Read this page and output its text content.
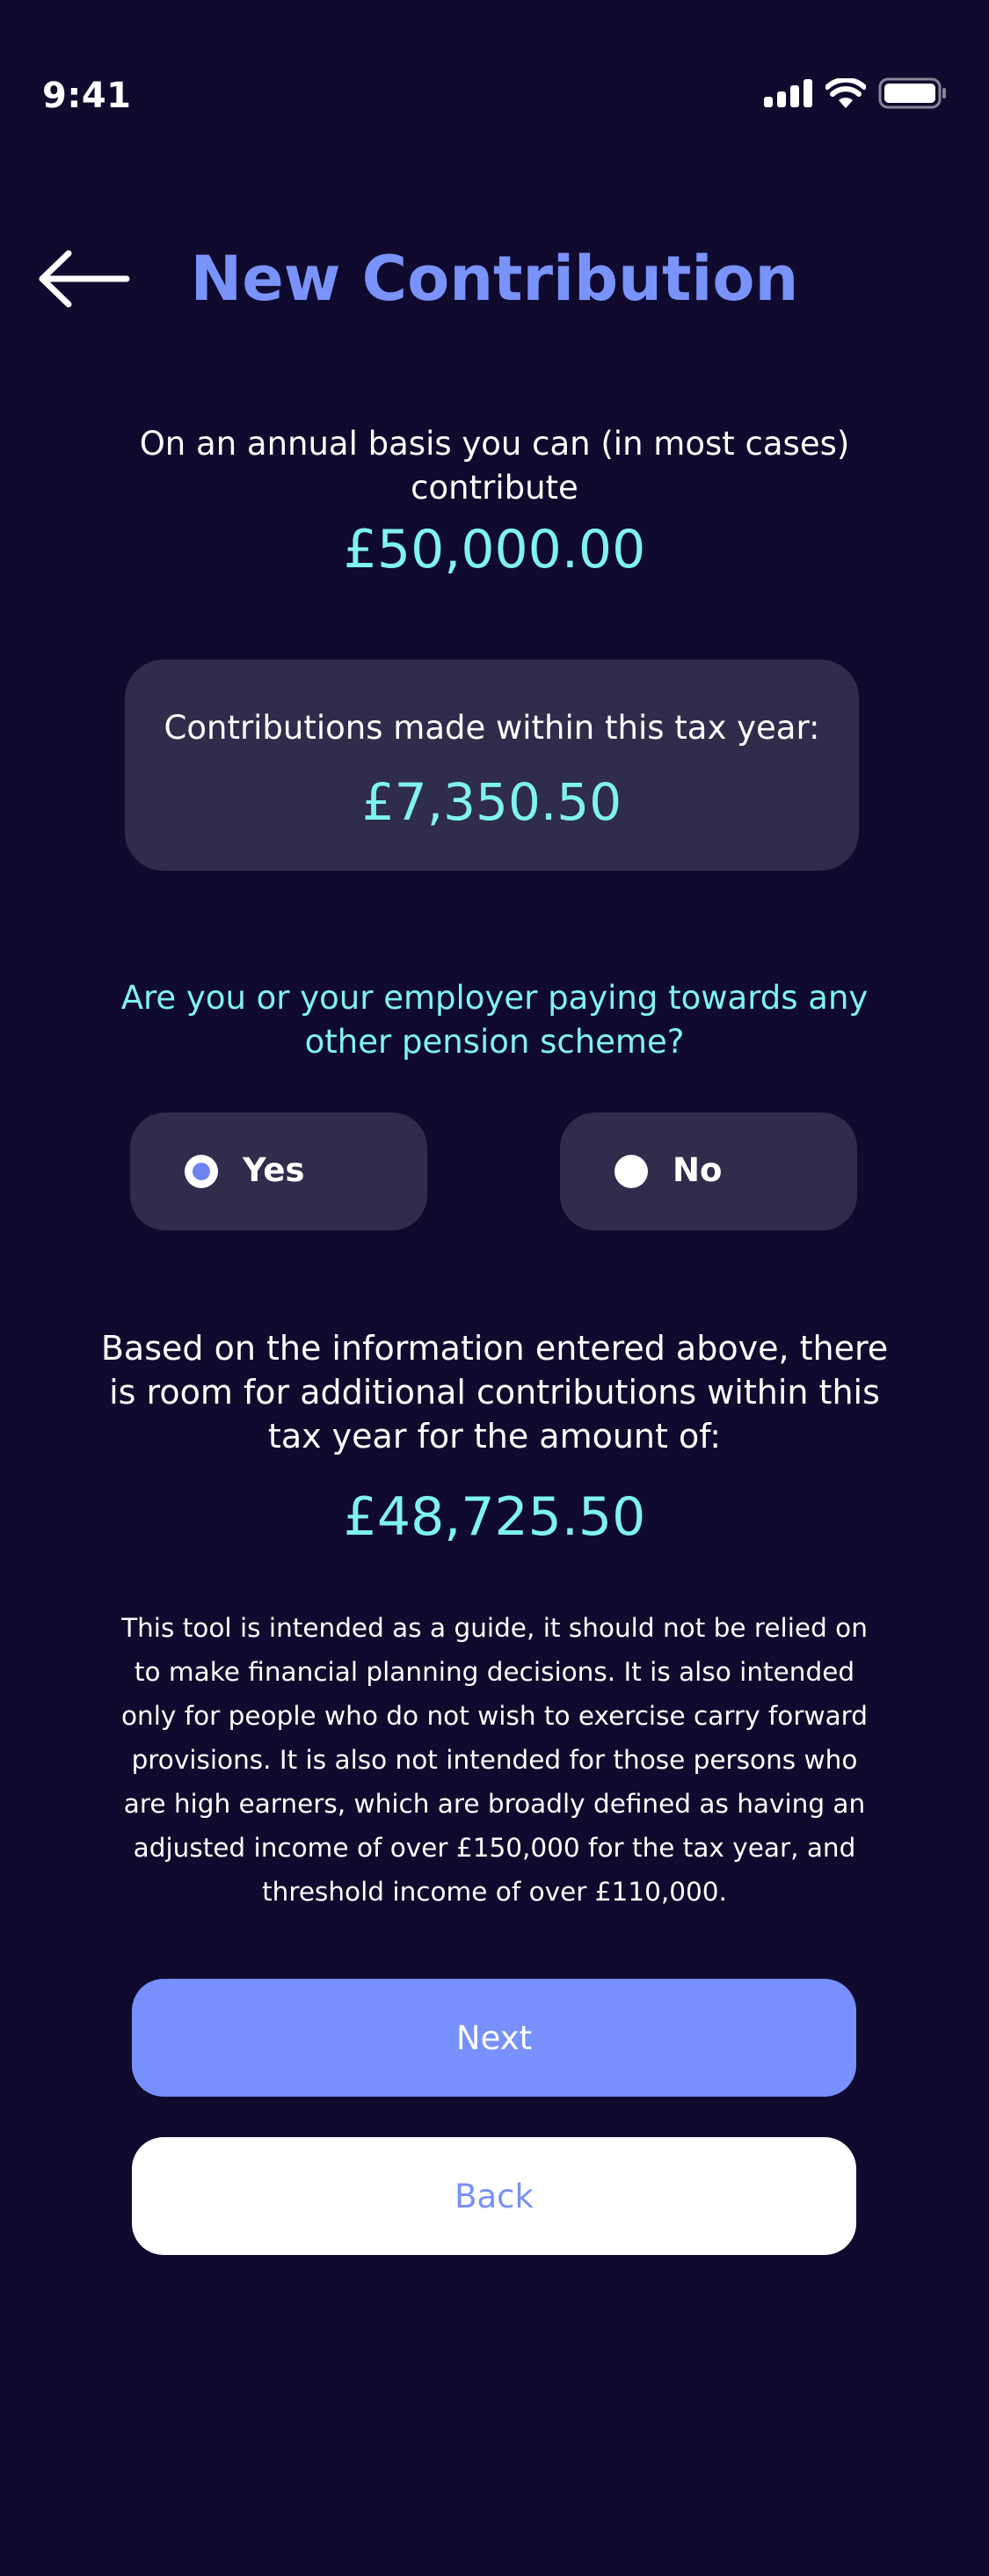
9:41
New Contribution
On an annual basis you can (in most cases) contribute
£50,000.00
Contributions made within this tax year:
£7,350.50
Are you or your employer paying towards any other pension scheme?
Yes	No
Based on the information entered above, there is room for additional contributions within this tax year for the amount of:
£48,725.50
This tool is intended as a guide, it should not be relied on to make financial planning decisions. It is also intended only for people who do not wish to exercise carry forward provisions. It is also not intended for those persons who are high earners, which are broadly defined as having an adjusted income of over £150,000 for the tax year, and threshold income of over £110,000.
Next
Back
